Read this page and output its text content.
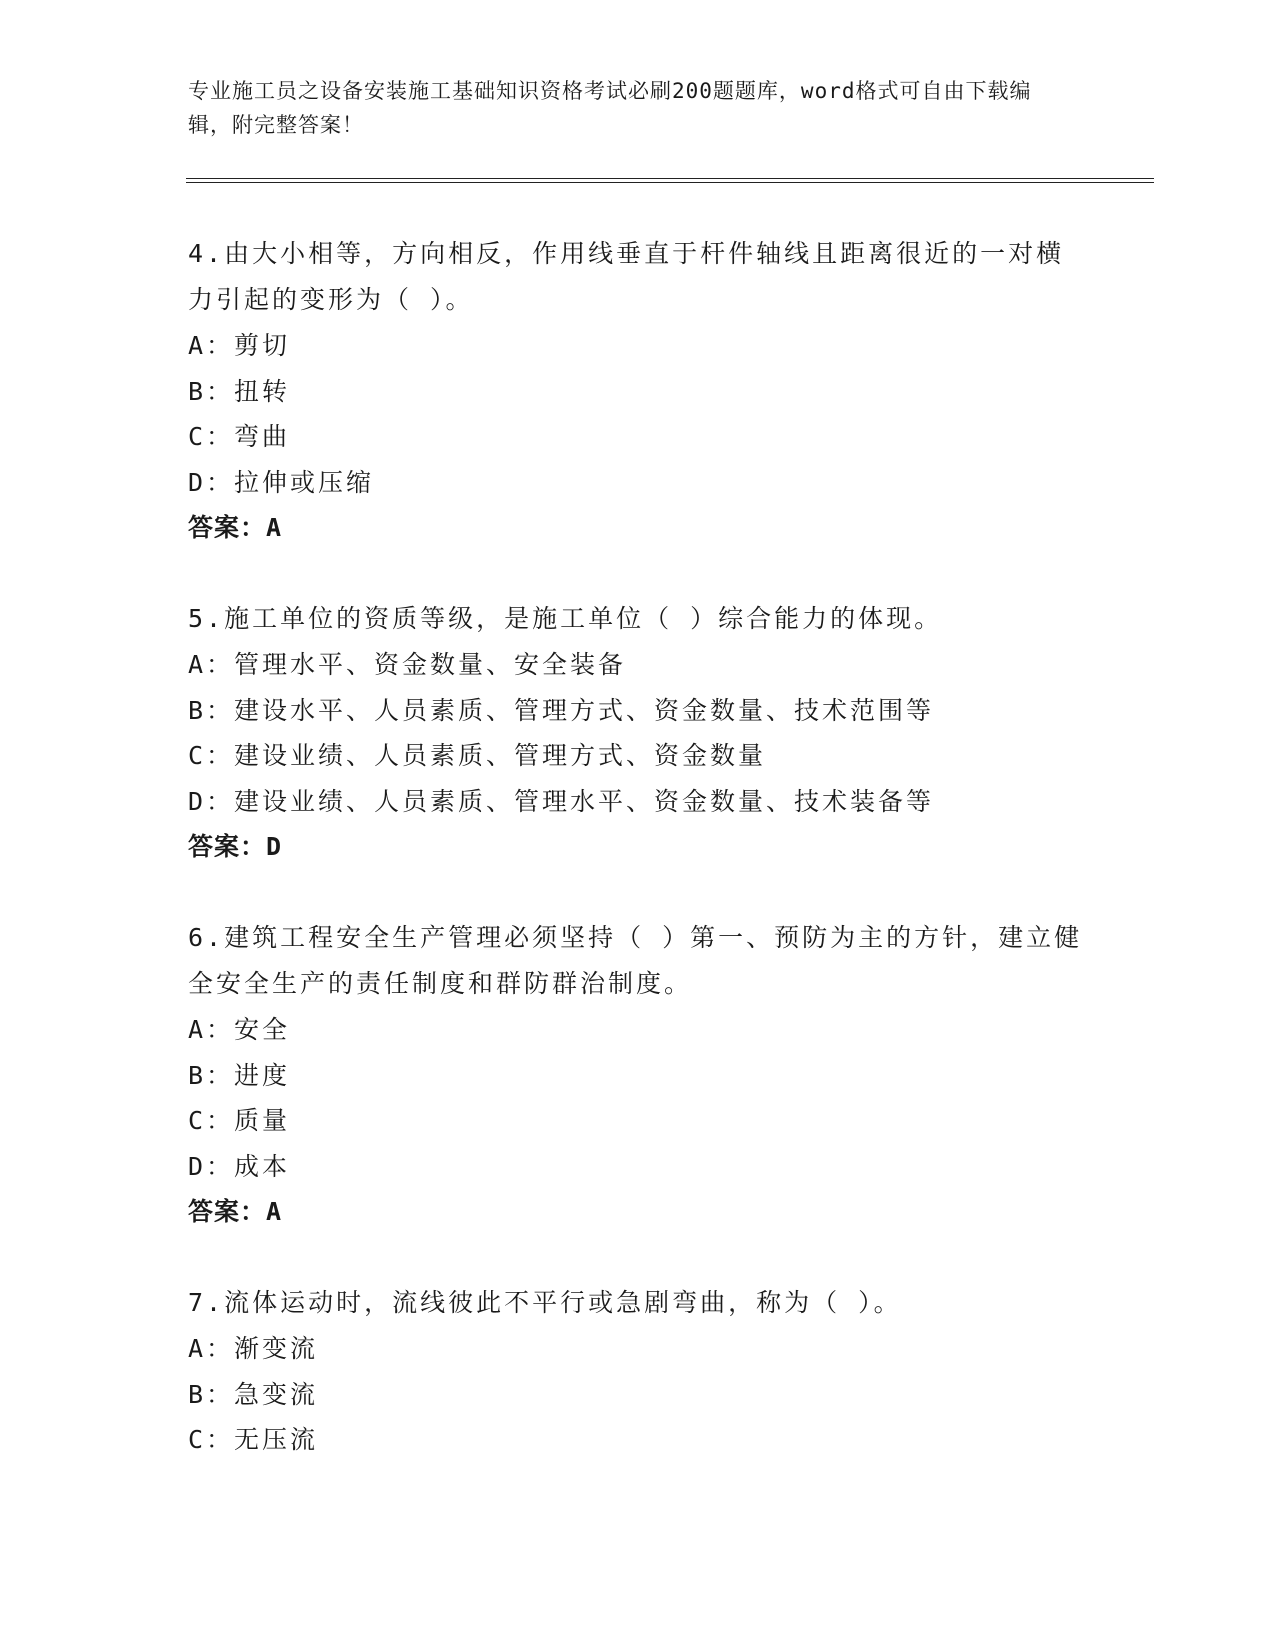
专业施工员之设备安装施工基础知识资格考试必刷200题题库，word格式可自由下载编辑，附完整答案！

4.由大小相等，方向相反，作用线垂直于杆件轴线且距离很近的一对横力引起的变形为（ ）。

A：剪切

B：扭转

C：弯曲

D：拉伸或压缩

答案：A

5.施工单位的资质等级，是施工单位（ ）综合能力的体现。

A：管理水平、资金数量、安全装备

B：建设水平、人员素质、管理方式、资金数量、技术范围等

C：建设业绩、人员素质、管理方式、资金数量

D：建设业绩、人员素质、管理水平、资金数量、技术装备等

答案：D

6.建筑工程安全生产管理必须坚持（ ）第一、预防为主的方针，建立健全安全生产的责任制度和群防群治制度。

A：安全

B：进度

C：质量

D：成本

答案：A

7.流体运动时，流线彼此不平行或急剧弯曲，称为（ ）。

A：渐变流

B：急变流

C：无压流
